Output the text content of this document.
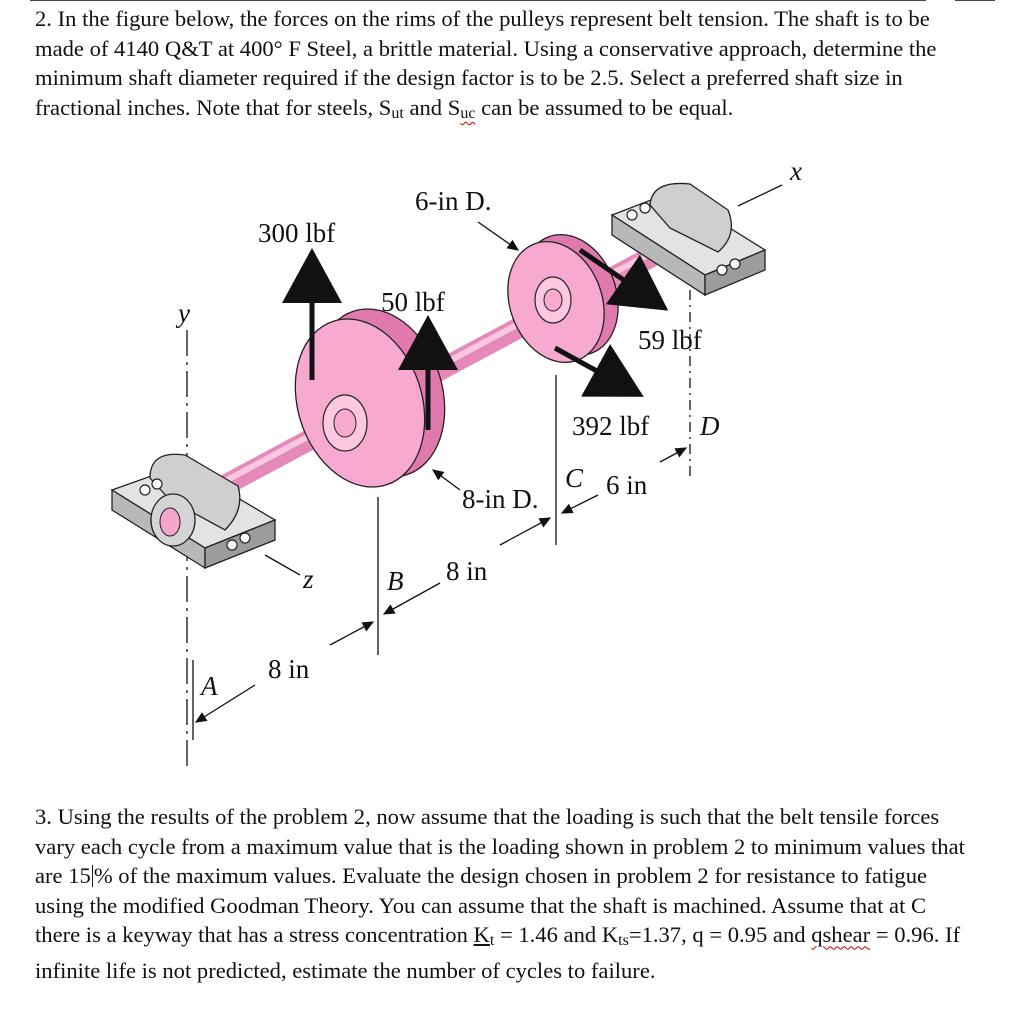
2. In the figure below, the forces on the rims of the pulleys represent belt tension. The shaft is to be made of 4140 Q&T at 400° F Steel, a brittle material. Using a conservative approach, determine the minimum shaft diameter required if the design factor is to be 2.5. Select a preferred shaft size in fractional inches. Note that for steels, Sut and Suc can be assumed to be equal.

300 lbf
50 lbf
59 lbf
392 lbf
6-in D.
8-in D.
8 in
8 in
6 in
x
y
z
A
B
C
D

3. Using the results of the problem 2, now assume that the loading is such that the belt tensile forces vary each cycle from a maximum value that is the loading shown in problem 2 to minimum values that are 15 % of the maximum values. Evaluate the design chosen in problem 2 for resistance to fatigue using the modified Goodman Theory. You can assume that the shaft is machined. Assume that at C there is a keyway that has a stress concentration Kt = 1.46 and Kts=1.37, q = 0.95 and qshear = 0.96. If infinite life is not predicted, estimate the number of cycles to failure.
